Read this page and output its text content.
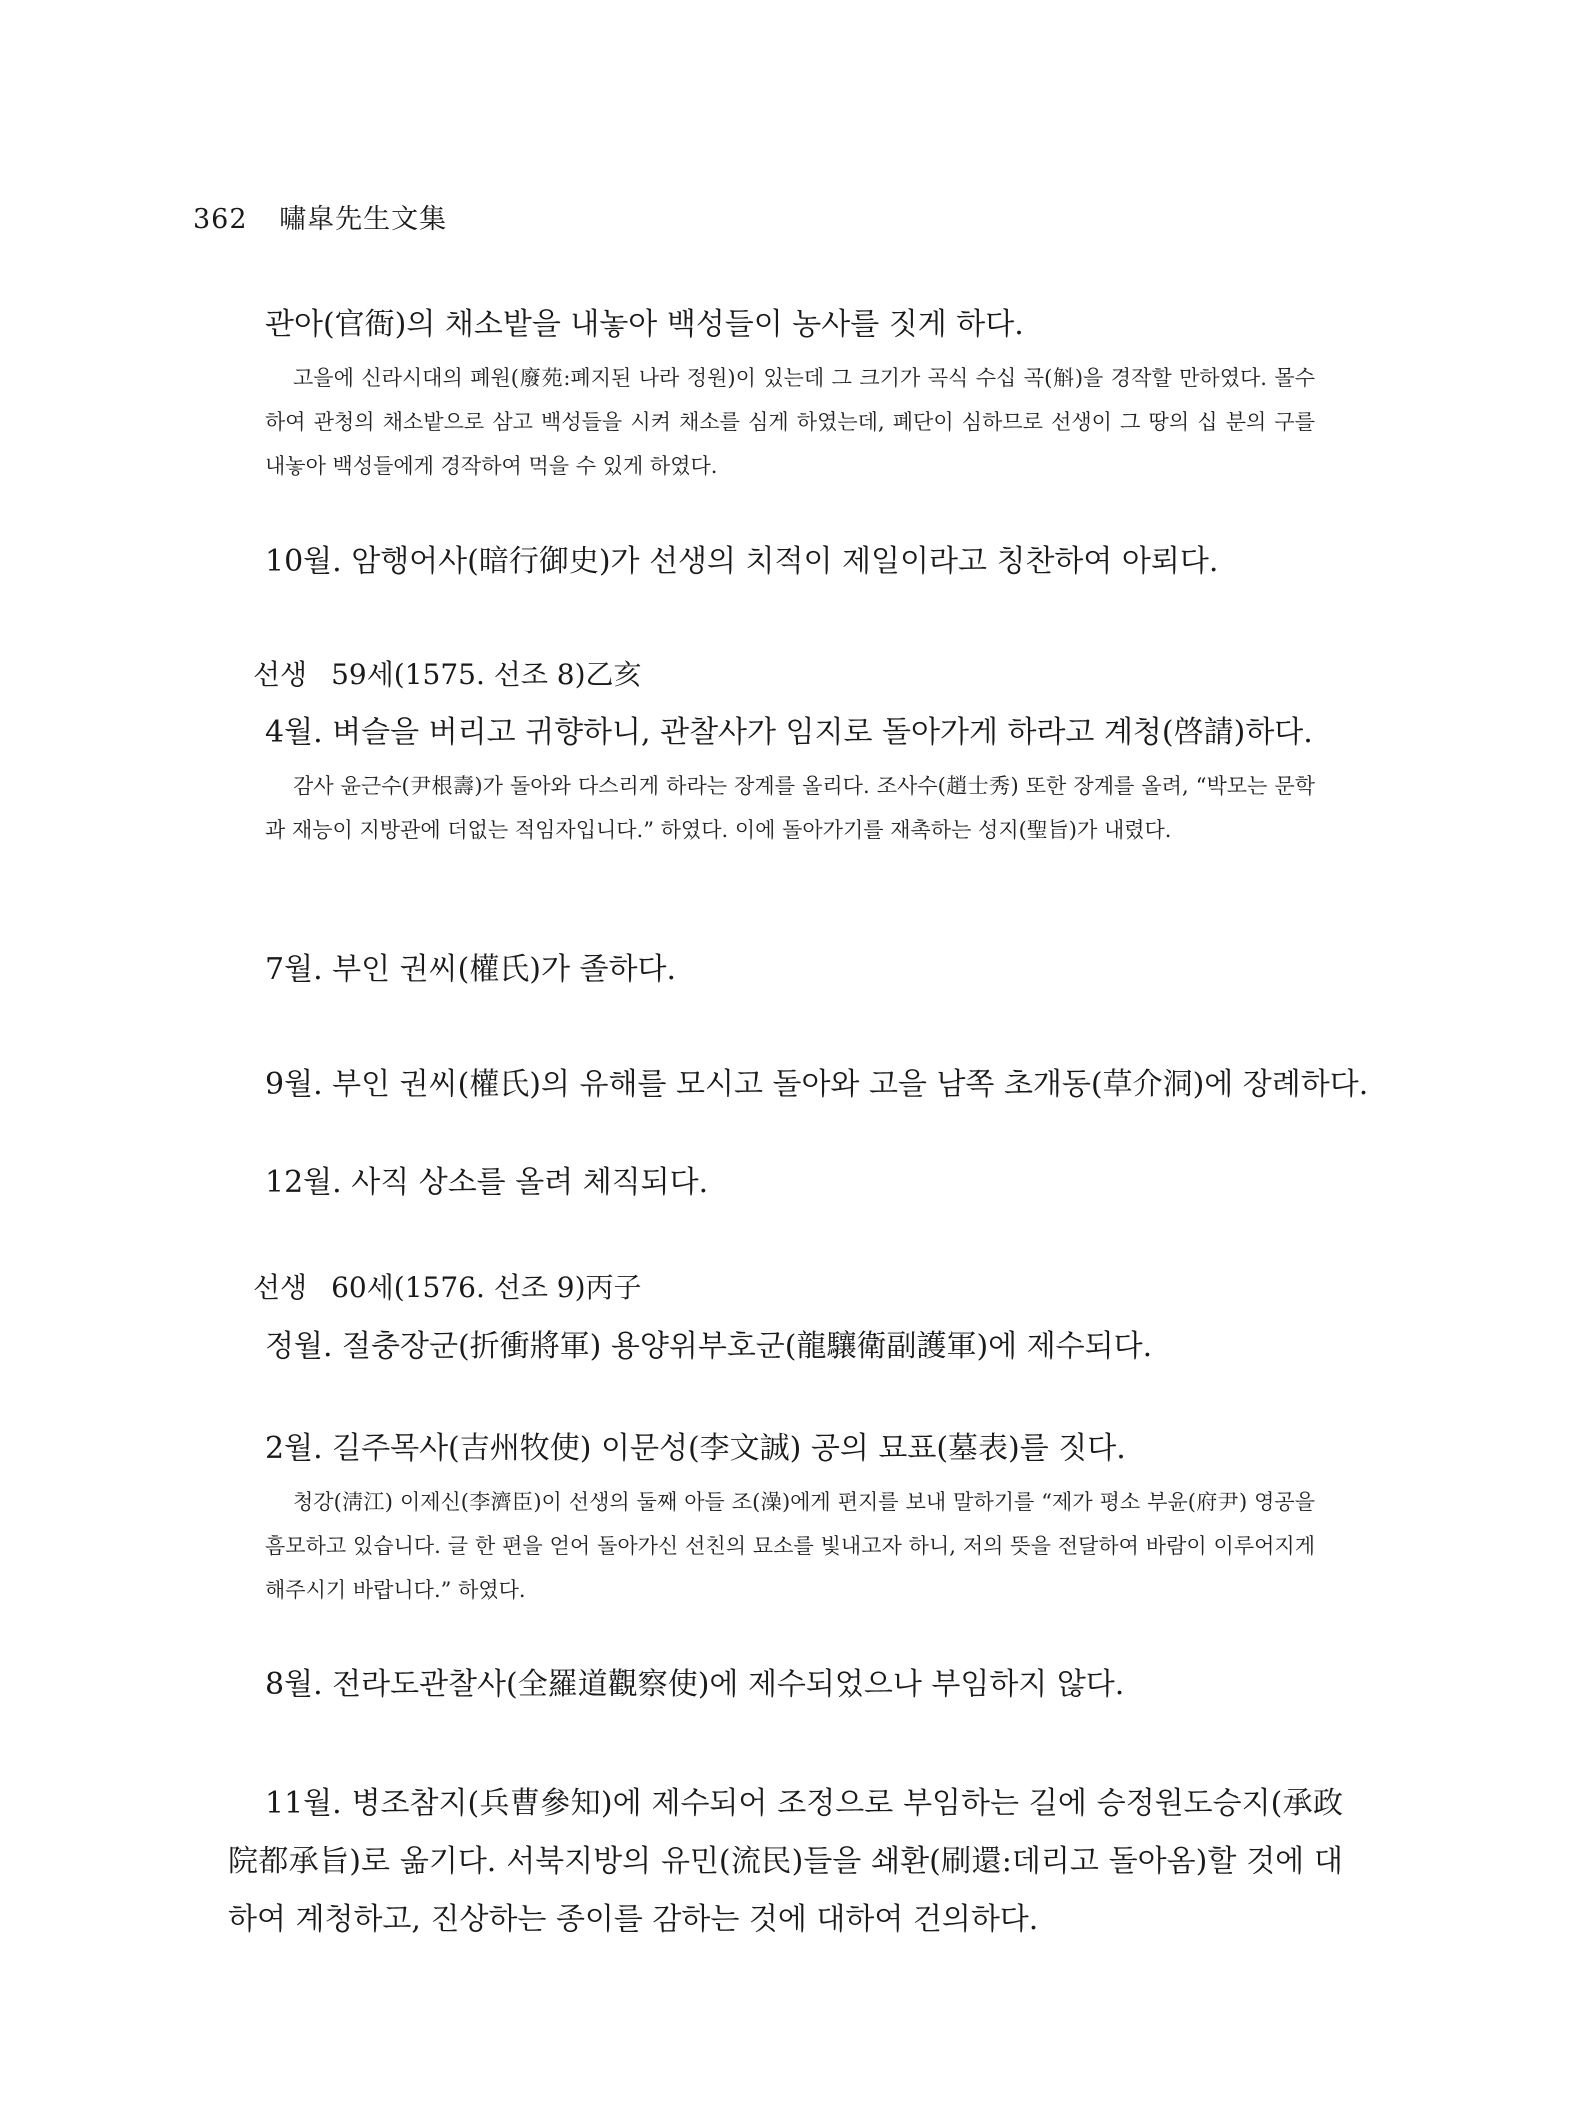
362 嘯皐先生文集
관아(官衙)의 채소밭을 내놓아 백성들이 농사를 짓게 하다.
고을에 신라시대의 폐원(廢苑:폐지된 나라 정원)이 있는데 그 크기가 곡식 수십 곡(斛)을 경작할 만하였다. 몰수하여 관청의 채소밭으로 삼고 백성들을 시켜 채소를 심게 하였는데, 폐단이 심하므로 선생이 그 땅의 십 분의 구를 내놓아 백성들에게 경작하여 먹을 수 있게 하였다.
10월. 암행어사(暗行御史)가 선생의 치적이 제일이라고 칭찬하여 아뢰다.
선생 59세(1575. 선조 8)乙亥
4월. 벼슬을 버리고 귀향하니, 관찰사가 임지로 돌아가게 하라고 계청(啓請)하다.
감사 윤근수(尹根壽)가 돌아와 다스리게 하라는 장계를 올리다. 조사수(趙士秀) 또한 장계를 올려, “박모는 문학과 재능이 지방관에 더없는 적임자입니다.” 하였다. 이에 돌아가기를 재촉하는 성지(聖旨)가 내렸다.
7월. 부인 권씨(權氏)가 졸하다.
9월. 부인 권씨(權氏)의 유해를 모시고 돌아와 고을 남쪽 초개동(草介洞)에 장례하다.
12월. 사직 상소를 올려 체직되다.
선생 60세(1576. 선조 9)丙子
정월. 절충장군(折衝將軍) 용양위부호군(龍驤衛副護軍)에 제수되다.
2월. 길주목사(吉州牧使) 이문성(李文誠) 공의 묘표(墓表)를 짓다.
청강(淸江) 이제신(李濟臣)이 선생의 둘째 아들 조(澡)에게 편지를 보내 말하기를 “제가 평소 부윤(府尹) 영공을 흠모하고 있습니다. 글 한 편을 얻어 돌아가신 선친의 묘소를 빛내고자 하니, 저의 뜻을 전달하여 바람이 이루어지게 해주시기 바랍니다.” 하였다.
8월. 전라도관찰사(全羅道觀察使)에 제수되었으나 부임하지 않다.
11월. 병조참지(兵曹參知)에 제수되어 조정으로 부임하는 길에 승정원도승지(承政院都承旨)로 옮기다. 서북지방의 유민(流民)들을 쇄환(刷還:데리고 돌아옴)할 것에 대하여 계청하고, 진상하는 종이를 감하는 것에 대하여 건의하다.
